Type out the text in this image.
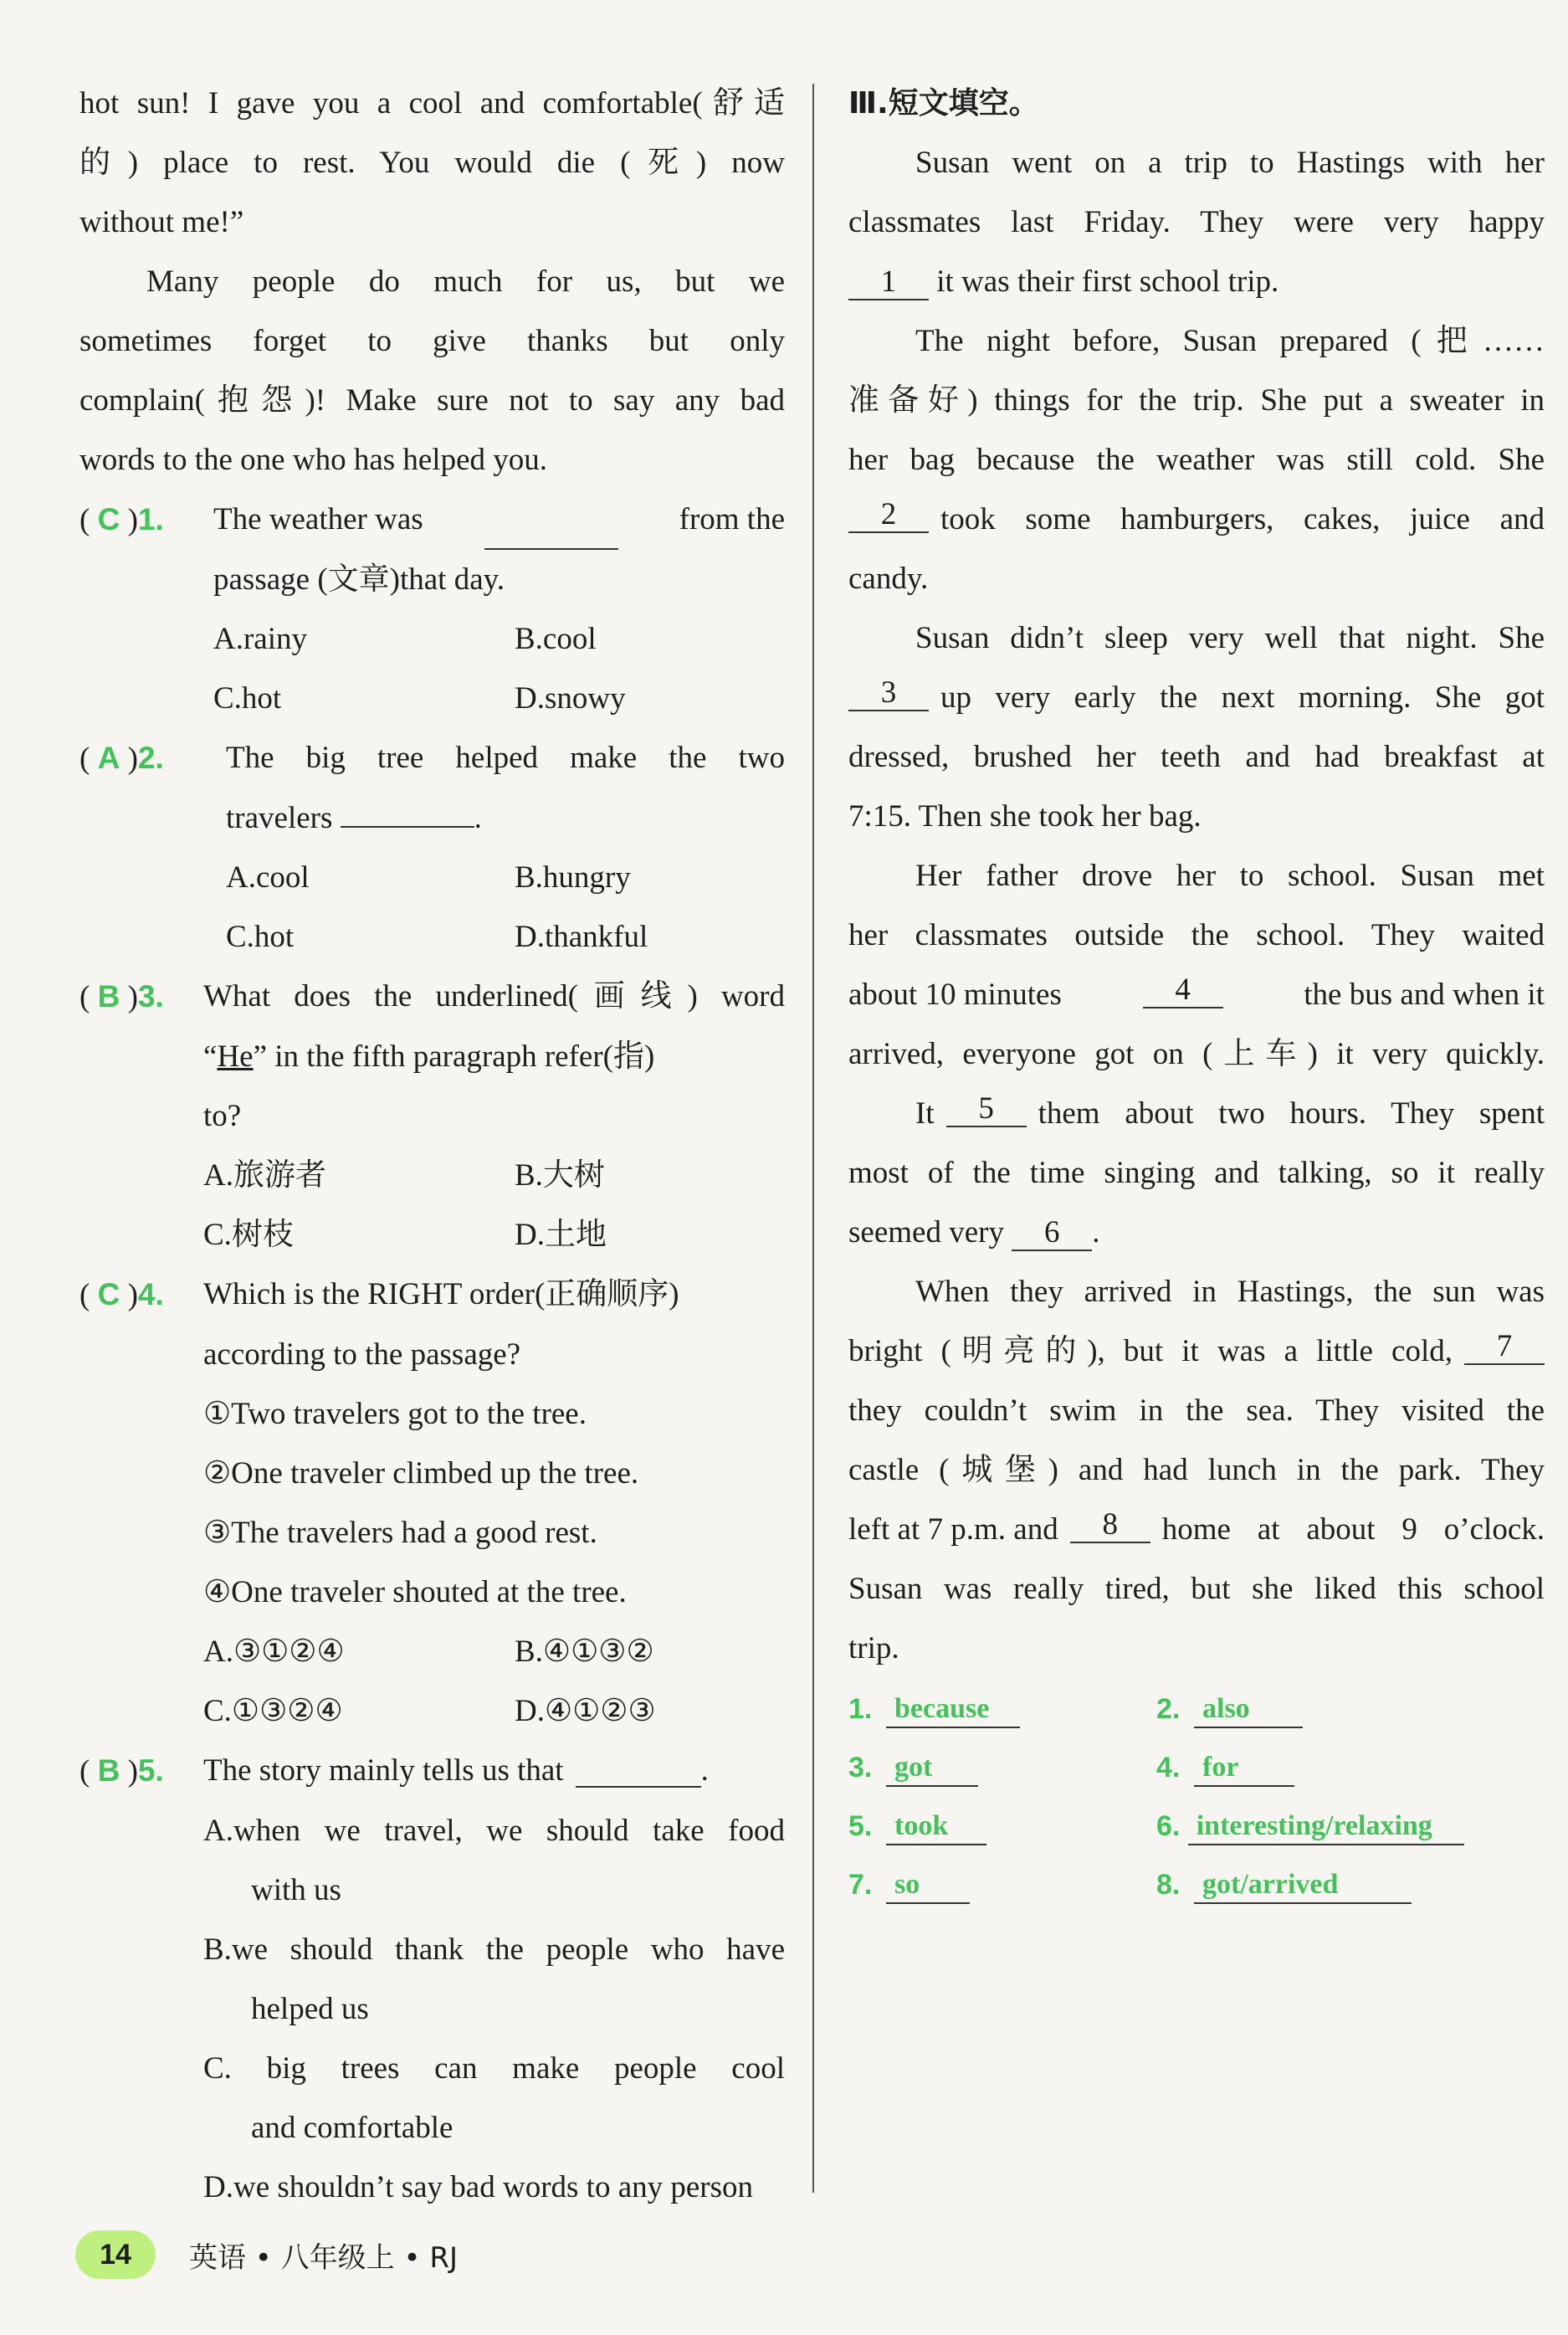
hot sun! I gave you a cool and comfortable(舒适
的) place to rest. You would die (死) now
without me!”
Many people do much for us, but we
sometimes forget to give thanks but only
complain(抱怨)! Make sure not to say any bad
words to the one who has helped you.
( C )1.	The weather was	from the
passage (文章)that day.
A.rainy	B.cool
C.hot	D.snowy
( A )2.	The big tree helped make the two
travelers	.
A.cool	B.hungry
C.hot	D.thankful
( B )3.	What does the underlined(画线) word
“He” in the fifth paragraph refer(指)
to?
A.旅游者	B.大树
C.树枝	D.土地
( C )4.	Which is the RIGHT order(正确顺序)
according to the passage?
①Two travelers got to the tree.
②One traveler climbed up the tree.
③The travelers had a good rest.
④One traveler shouted at the tree.
A.③①②④	B.④①③②
C.①③②④	D.④①②③
( B )5.	The story mainly tells us that	.
A.when we travel, we should take food
with us
B.we should thank the people who have
helped us
C. big trees can make people cool
and comfortable
D.we shouldn’t say bad words to any person
Ⅲ.短文填空。
Susan went on a trip to Hastings with her
classmates last Friday. They were very happy
1 it was their first school trip.
The night before, Susan prepared (把……
准备好) things for the trip. She put a sweater in
her bag because the weather was still cold. She
2	took some hamburgers, cakes, juice and
candy.
Susan didn’t sleep very well that night. She
3	up very early the next morning. She got
dressed, brushed her teeth and had breakfast at
7:15. Then she took her bag.
Her father drove her to school. Susan met
her classmates outside the school. They waited
about 10 minutes	4	the bus and when it
arrived, everyone got on (上车) it very quickly.
It	5	them about two hours. They spent
most of the time singing and talking, so it really
seemed very 6 .
When they arrived in Hastings, the sun was
bright (明亮的), but it was a little cold,	7
they couldn’t swim in the sea. They visited the
castle (城堡) and had lunch in the park. They
left at 7 p.m. and	8	home at about 9 o’clock.
Susan was really tired, but she liked this school
trip.
1. because	2. also
3. got	4. for
5. took	6. interesting/relaxing
7. so	8. got/arrived
14	英语 • 八年级上 • RJ
